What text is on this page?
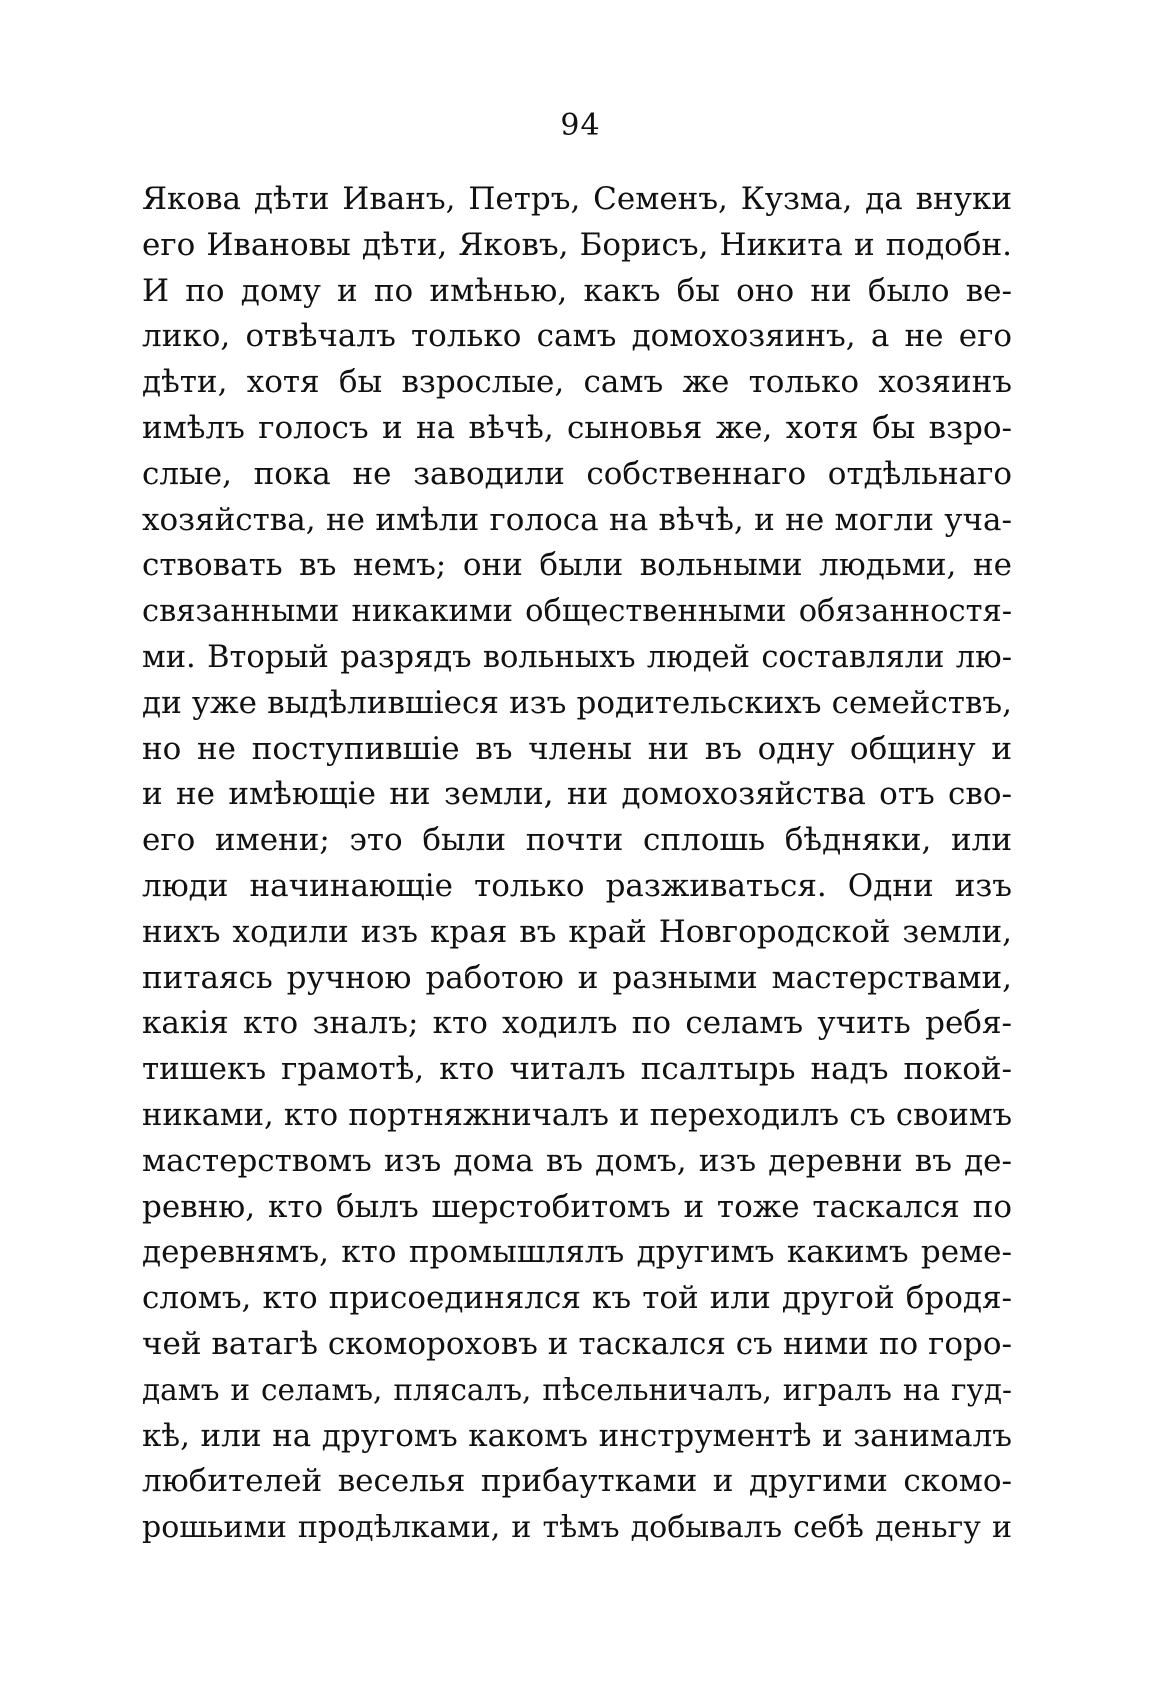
94
Якова дѣти Иванъ, Петръ, Семенъ, Кузма, да внуки
его Ивановы дѣти, Яковъ, Борисъ, Никита и подобн.
И по дому и по имѣнью, какъ бы оно ни было ве-
лико, отвѣчалъ только самъ домохозяинъ, а не его
дѣти, хотя бы взрослые, самъ же только хозяинъ
имѣлъ голосъ и на вѣчѣ, сыновья же, хотя бы взро-
слые, пока не заводили собственнаго отдѣльнаго
хозяйства, не имѣли голоса на вѣчѣ, и не могли уча-
ствовать въ немъ; они были вольными людьми, не
связанными никакими общественными обязанностя-
ми. Вторый разрядъ вольныхъ людей составляли лю-
ди уже выдѣлившіеся изъ родительскихъ семействъ,
но не поступившіе въ члены ни въ одну общину и
и не имѣющіе ни земли, ни домохозяйства отъ сво-
его имени; это были почти сплошь бѣдняки, или
люди начинающіе только разживаться. Одни изъ
нихъ ходили изъ края въ край Новгородской земли,
питаясь ручною работою и разными мастерствами,
какія кто зналъ; кто ходилъ по селамъ учить ребя-
тишекъ грамотѣ, кто читалъ псалтырь надъ покой-
никами, кто портняжничалъ и переходилъ съ своимъ
мастерствомъ изъ дома въ домъ, изъ деревни въ де-
ревню, кто былъ шерстобитомъ и тоже таскался по
деревнямъ, кто промышлялъ другимъ какимъ реме-
сломъ, кто присоединялся къ той или другой бродя-
чей ватагѣ скомороховъ и таскался съ ними по горо-
дамъ и селамъ, плясалъ, пѣсельничалъ, игралъ на гуд-
кѣ, или на другомъ какомъ инструментѣ и занималъ
любителей веселья прибаутками и другими скомо-
рошьими продѣлками, и тѣмъ добывалъ себѣ деньгу и
